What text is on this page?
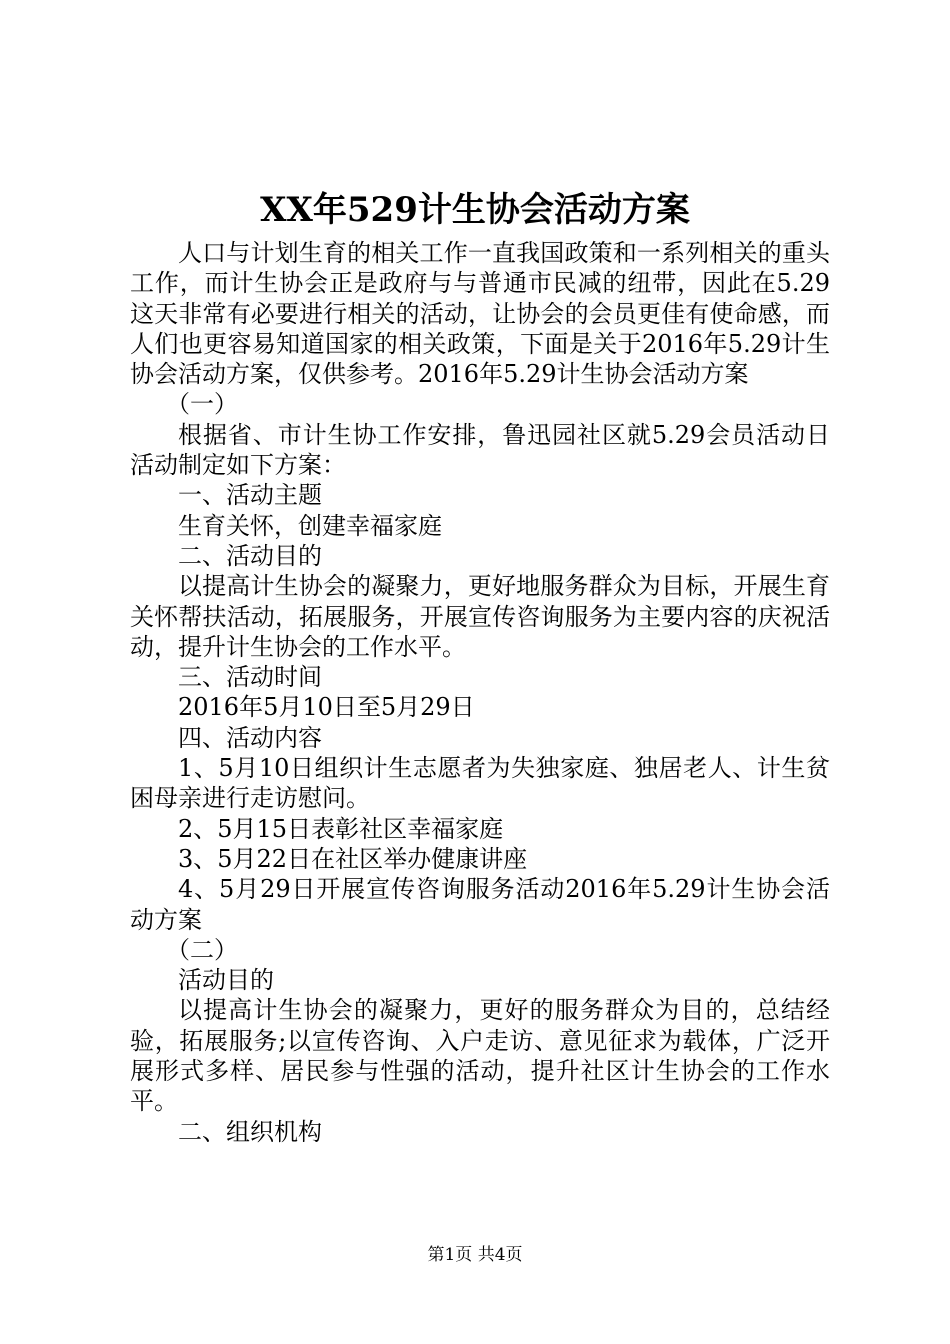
XX年529计生协会活动方案

人口与计划生育的相关工作一直我国政策和一系列相关的重头工作，而计生协会正是政府与与普通市民减的纽带，因此在5.29这天非常有必要进行相关的活动，让协会的会员更佳有使命感，而人们也更容易知道国家的相关政策，下面是关于2016年5.29计生协会活动方案，仅供参考。2016年5.29计生协会活动方案

（一）

根据省、市计生协工作安排，鲁迅园社区就5.29会员活动日活动制定如下方案：

一、活动主题

生育关怀，创建幸福家庭

二、活动目的

以提高计生协会的凝聚力，更好地服务群众为目标，开展生育关怀帮扶活动，拓展服务，开展宣传咨询服务为主要内容的庆祝活动，提升计生协会的工作水平。

三、活动时间

2016年5月10日至5月29日

四、活动内容

1、5月10日组织计生志愿者为失独家庭、独居老人、计生贫困母亲进行走访慰问。

2、5月15日表彰社区幸福家庭

3、5月22日在社区举办健康讲座

4、5月29日开展宣传咨询服务活动2016年5.29计生协会活动方案

（二）

活动目的

以提高计生协会的凝聚力，更好的服务群众为目的，总结经验，拓展服务;以宣传咨询、入户走访、意见征求为载体，广泛开展形式多样、居民参与性强的活动，提升社区计生协会的工作水平。

二、组织机构

第1页 共4页
